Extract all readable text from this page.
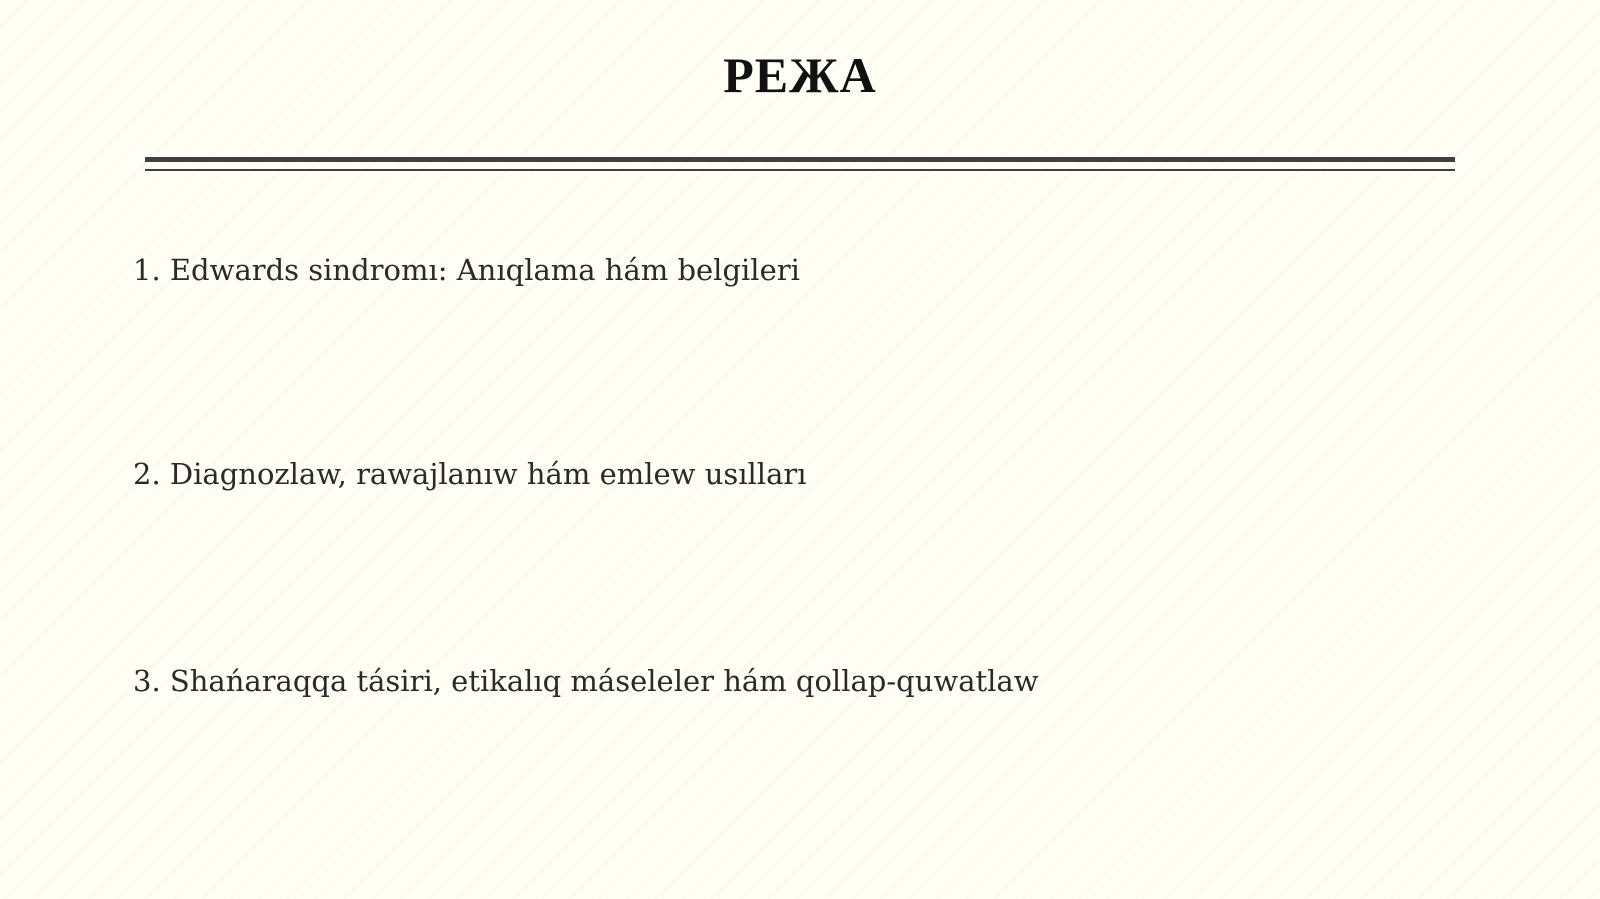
РЕЖА
1. Edwards sindromı: Anıqlama hám belgileri
2. Diagnozlaw, rawajlanıw hám emlew usılları
3. Shańaraqqa tásiri, etikalıq máseleler hám qollap-quwatlaw
